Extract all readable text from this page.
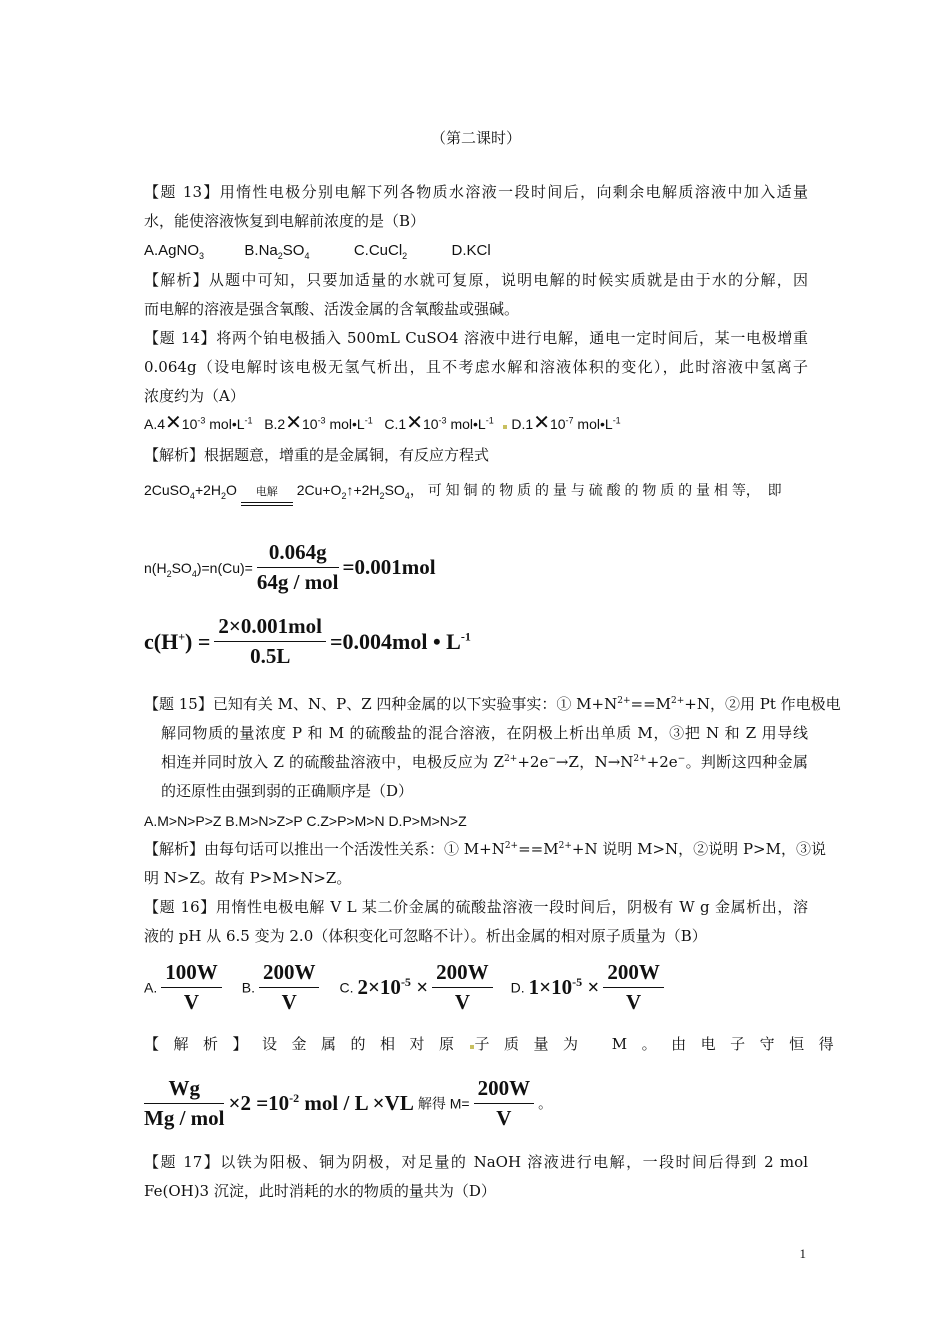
（第二课时）
【题 13】用惰性电极分别电解下列各物质水溶液一段时间后，向剩余电解质溶液中加入适量
水，能使溶液恢复到电解前浓度的是（B）
A.AgNO$_3$	$B.Na_2SO_4$	C.CuCl$_2$	D.KCl
【解析】从题中可知，只要加适量的水就可复原，说明电解的时候实质就是由于水的分解，因
而电解的溶液是强含氧酸、活泼金属的含氧酸盐或强碱。
【题 14】将两个铂电极插入 500mL CuSO4 溶液中进行电解，通电一定时间后，某一电极增重
0.064g（设电解时该电极无氢气析出，且不考虑水解和溶液体积的变化），此时溶液中氢离子
浓度约为（A）
$A.4✕10^{-3}$ $mol•L^{-1}$   $B.2✕10^{-3}$ $mol•L^{-1}$   $C.1✕10^{-3}$ $mol•L^{-1}$   $D.1✕10^{-7}$ $mol•L^{-1}$
【解析】根据题意，增重的是金属铜，有反应方程式
$2CuSO_4+2H_2O$ 电解 $2Cu+O_2↑+2H_2SO_4$， 可 知 铜 的 物 质 的 量 与 硫 酸 的 物 质 的 量 相 等，  即
$n(H_2SO_4)=n(Cu)= \frac{0.064g}{\text{64g / mol}} =0.001mol$
$c(H^+) = \frac{\text{2×0.001mol}}{0.5L} =0.004mol$ • $L^{-1}$
【题 15】已知有关 M、N、P、Z 四种金属的以下实验事实：① $M+N^{2+}==M^{2+}+N$，②用 Pt 作电极电
解同物质的量浓度 P 和 M 的硫酸盐的混合溶液，在阴极上析出单质 M，③把 N 和 Z 用导线
相连并同时放入 Z 的硫酸盐溶液中，电极反应为 $Z^{2+}+2e^-\to Z$，$N\to N^{2+}+2e^-$。判断这四种金属
的还原性由强到弱的正确顺序是（D）
A.M>N>P>Z B.M>N>Z>P C.Z>P>M>N D.P>M>N>Z
【解析】由每句话可以推出一个活泼性关系：① $M+N^{2+}==M^{2+}+N$ 说明 M>N，②说明 P>M，③说
明 N>Z。故有 P>M>N>Z。
【题 16】用惰性电极电解 V L 某二价金属的硫酸盐溶液一段时间后，阴极有 W g 金属析出，溶
液的 pH 从 6.5 变为 2.0（体积变化可忽略不计）。析出金属的相对原子质量为（B）
A. $\frac{100W}{V} B$. $\frac{200W}{V} C$. $2\times 10^{-5} \times \frac{200W}{V} D$. $1\times 10^{-5} \times \frac{200W}{V}$
【解析】设金属的相对原 子质量为 M。由电子守恒得
$\frac{Wg}{\text{Mg / mol}} \times 2 =10^{-2}$ mol / L ×VL 解得 $M= \frac{200W}{V}$ 。
【题 17】以铁为阳极、铜为阴极，对足量的 NaOH 溶液进行电解，一段时间后得到 2 mol
Fe(OH)3 沉淀，此时消耗的水的物质的量共为（D）
1
